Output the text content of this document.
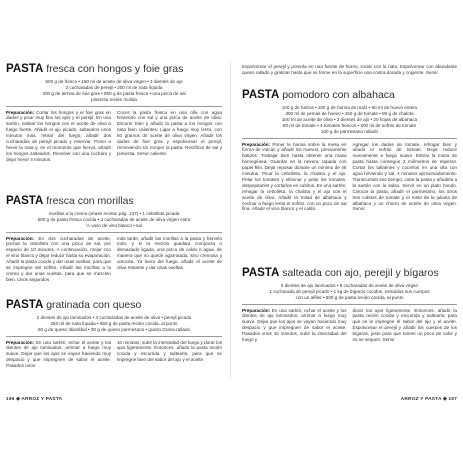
PASTA fresca con hongos y foie gras
500 g de fresco • 150 ml de aceite de oliva virgen • 4 dientes de ajo
2 cucharadas de perejil • 200 ml de nata líquida
400 g de terrina de foie gras • 800 g de pasta fresca • una pizca de sal
pimienta recién molida

Preparación: Cortar los hongos y el foie gras en dados y picar muy fino los ajos y el perejil. En una sartén, saltear los hongos con el aceite de oliva a fuego fuerte. Añadir el ajo picado, saltearlos unos minutos más, retirar del fuego, añadir dos cucharadas de perejil picado y reservar. Poner a hervir la nata y, en el momento que hierva, añadir los hongos salteados. Revolver con una cuchara y dejar hervir 4 minutos.

Cocer la pasta fresca en una olla con agua hirviendo con sal y una pizca de aceite de oliva. Escurrir bien y añadir la pasta a los hongos con nata bien calientes. Ligar a fuego muy lento, con 50 gramos de aceite de oliva virgen. Añadir los dados de foie gras y espolvorear el perejil, removiendo sin romper la pasta. Rectificar de sal y pimienta. Servir caliente.

PASTA fresca con morillas
morillas a la crema (véase receta, pág. 137) • 1 cebolleta picada
500 g de pasta fresca cocida • 4 cucharadas de aceite de oliva virgen extra
½ vaso de vino blanco • sal

Preparación: En dos cucharadas de aceite, pochar la cebolleta con una pizca de sal, por espacio de 10 minutos. A continuación, mojar con el vino blanco y dejar reducir hasta su evaporación. Añadir la pasta cocida y dar unas vueltas, para que se impregne del sofrito. Añadir las morillas a la crema y dar unas vueltas, para que se mezclen bien. Unos segundos

más tarde, añadir las morillas a la pasta y hervirlo todo, y si la mezcla quedara compacta o demasiado ligada, una pizca de caldo o agua, de manera que no quede agarrotada, sino cremosa y untuosa. Ya fuera del fuego, añadir el aceite de oliva restante y dar unas vueltas.

PASTA gratinada con queso
2 dientes de ajo laminados • 3 cucharadas de aceite de oliva • perejil picado
250 ml de nata líquida • 650 g de pasta recién cocida, al punto
60 g de queso Idiazábal • 30 g de queso parmesano • queso Grana rallado

Preparación: En una sartén, echar el aceite y los dientes de ajo laminados, arrimar a fuego muy suave. Dejar que los ajos se vayan haciendo muy despacio y que impregnen de sabor el aceite. Pasados unos

10 minutos, subir la intensidad del fuego y dorar los ajos ligeramente. Entonces, añadir la pasta recién cocida y escurrida y saltearla, para que se impregne bien del sabor del ajo y el aceite.

196 ◆ ARROZ Y PASTA

Espolvorear el perejil y ponerla en una fuente de horno, rociar con la nata. Espolvorear con abundante queso rallado y gratinar hasta que se forme en la superficie una costra dorada y crujiente. Servir.

PASTA pomodoro con albahaca
100 g de harina • 100 g de harina de maíz • 80 ml de huevo entero
300 ml de yemas de huevo • 150 g de tomate • 80 g de chalota
100 ml de aceite de oliva • 2 dientes de ajo • 20 hojas de albahaca
80 ml de tomate • 4 tomates frescos • 300 ml de sofrito de tomate
100 g de parmesano rallado

Preparación: Poner la harina sobre la mesa en forma de volcán y añadir los huevos, previamente batidos. Trabajar bien hasta obtener una masa homogénea. Guardar en la nevera, tapada con papel film. Dejar reposar durante un mínimo de 45 minutos. Picar la cebolleta, la chalota y el ajo. Pelar los tomates y eliminar y pelar los tomates, despepitarlos y cortarlos en cubitos. En una sartén, rehogar la cebolleta, la chalota y el ajo con el aceite de oliva. Añadir la mitad de albahaca y cocinar a fuego lento el sofrito, con un poco de sal fina. Añadir el vino blanco y el caldo.

Agregar los dados de tomate, rehogar bien y añadir el sofrito de tomate. Dejar reducir nuevamente a fuego suave. Estirar la masa de pasta hasta conseguir 3 milímetros de espesor. Cortar los tallarines y cocerlos en una olla con agua hirviendo y sal, 4 minutos aproximadamente. Transcurrido ese tiempo, colar la pasta y añadirla a la sartén con la salsa. Servir en un plato hondo. Colocar la pasta, añadir el parmesano, los otros tres cubitos de tomate y el resto de la juliana de albahaca y un chorro de aceite de oliva virgen. Servir.

PASTA salteada con ajo, perejil y bígaros
6 dientes de ajo laminados • 8 cucharadas de aceite de oliva virgen
1 cucharada de perejil picado • 1 kg de bígaros cocidos, extraídos sus cuerpos
con un alfiler • 600 g de pasta recién cocida, al punto

Preparación: En una sartén, echar el aceite y los dientes de ajo laminados, arrimar a fuego muy suave. Dejar que los ajos se vayan haciendo muy despacio y que impregnen de sabor el aceite. Pasados unos 15 minutos, subir la intensidad del fuego y

dorar los ajos ligeramente. Entonces, añadir la pasta recién cocida y escurrida y saltearla, para que se le impregne el sabor del ajo y el aceite. Espolvorear el perejil y añadir los cuerpos de los bígaros, justo para que tomen un poco de calor y no se sequen. Servir.

ARROZ Y PASTA ◆ 197
